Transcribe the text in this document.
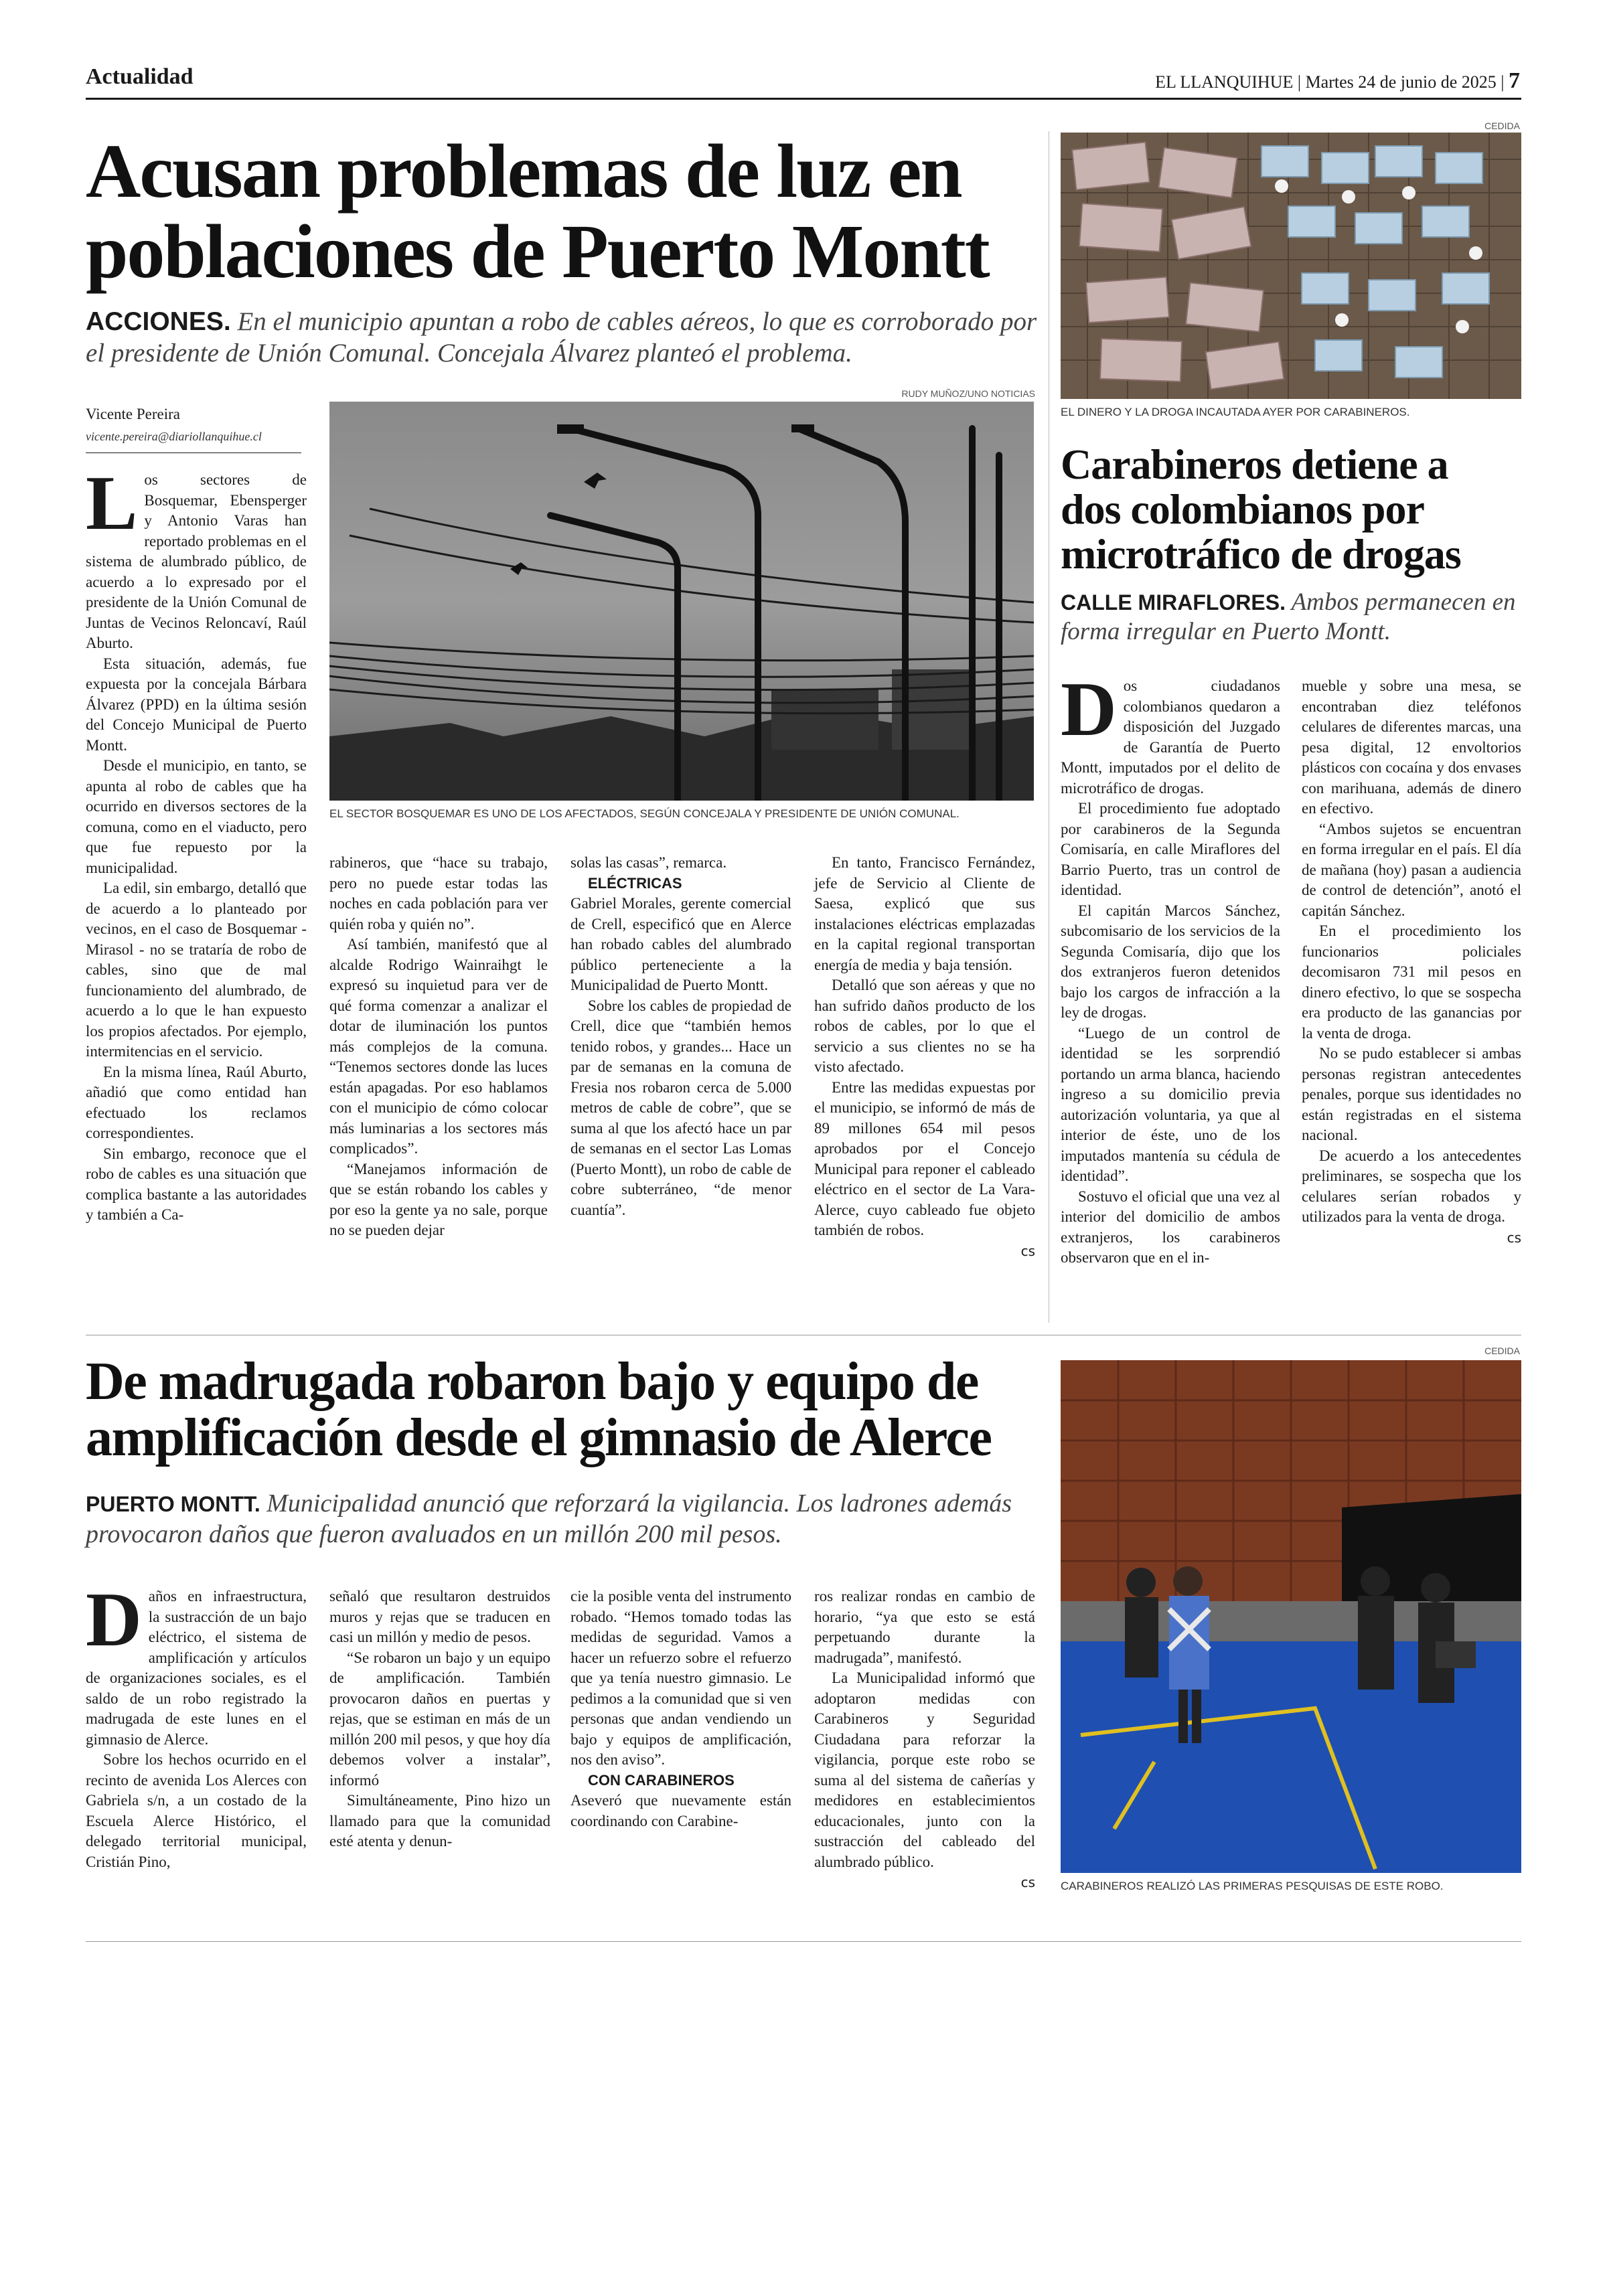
Actualidad	EL LLANQUIHUE | Martes 24 de junio de 2025 | 7
Acusan problemas de luz en
poblaciones de Puerto Montt
ACCIONES. En el municipio apuntan a robo de cables aéreos, lo que es corroborado por el presidente de Unión Comunal. Concejala Álvarez planteó el problema.
Vicente Pereira
vicente.pereira@diariollanquihue.cl
RUDY MUÑOZ/UNO NOTICIAS
EL SECTOR BOSQUEMAR ES UNO DE LOS AFECTADOS, SEGÚN CONCEJALA Y PRESIDENTE DE UNIÓN COMUNAL.
L os sectores de Bosquemar, Ebensperger y Antonio Varas han reportado problemas en el sistema de alumbrado público, de acuerdo a lo expresado por el presidente de la Unión Comunal de Juntas de Vecinos Reloncaví, Raúl Aburto.

Esta situación, además, fue expuesta por la concejala Bárbara Álvarez (PPD) en la última sesión del Concejo Municipal de Puerto Montt.

Desde el municipio, en tanto, se apunta al robo de cables que ha ocurrido en diversos sectores de la comuna, como en el viaducto, pero que fue repuesto por la municipalidad.

La edil, sin embargo, detalló que de acuerdo a lo planteado por vecinos, en el caso de Bosquemar - Mirasol - no se trataría de robo de cables, sino que de mal funcionamiento del alumbrado, de acuerdo a lo que le han expuesto los propios afectados. Por ejemplo, intermitencias en el servicio.

En la misma línea, Raúl Aburto, añadió que como entidad han efectuado los reclamos correspondientes.

Sin embargo, reconoce que el robo de cables es una situación que complica bastante a las autoridades y también a Ca-

rabineros, que “hace su trabajo, pero no puede estar todas las noches en cada población para ver quién roba y quién no”.

Así también, manifestó que al alcalde Rodrigo Wainraihgt le expresó su inquietud para ver de qué forma comenzar a analizar el dotar de iluminación los puntos más complejos de la comuna. “Tenemos sectores donde las luces están apagadas. Por eso hablamos con el municipio de cómo colocar más luminarias a los sectores más complicados”.

“Manejamos información de que se están robando los cables y por eso la gente ya no sale, porque no se pueden dejar

solas las casas”, remarca.

ELÉCTRICAS

Gabriel Morales, gerente comercial de Crell, especificó que en Alerce han robado cables del alumbrado público perteneciente a la Municipalidad de Puerto Montt.

Sobre los cables de propiedad de Crell, dice que “también hemos tenido robos, y grandes... Hace un par de semanas en la comuna de Fresia nos robaron cerca de 5.000 metros de cable de cobre”, que se suma al que los afectó hace un par de semanas en el sector Las Lomas (Puerto Montt), un robo de cable de cobre subterráneo, “de menor cuantía”.

En tanto, Francisco Fernández, jefe de Servicio al Cliente de Saesa, explicó que sus instalaciones eléctricas emplazadas en la capital regional transportan energía de media y baja tensión.

Detalló que son aéreas y que no han sufrido daños producto de los robos de cables, por lo que el servicio a sus clientes no se ha visto afectado.

Entre las medidas expuestas por el municipio, se informó de más de 89 millones 654 mil pesos aprobados por el Concejo Municipal para reponer el cableado eléctrico en el sector de La Vara-Alerce, cuyo cableado fue objeto también de robos.

cs
CEDIDA
EL DINERO Y LA DROGA INCAUTADA AYER POR CARABINEROS.
Carabineros detiene a
dos colombianos por
microtráfico de drogas
CALLE MIRAFLORES. Ambos permanecen en forma irregular en Puerto Montt.
D os ciudadanos colombianos quedaron a disposición del Juzgado de Garantía de Puerto Montt, imputados por el delito de microtráfico de drogas.

El procedimiento fue adoptado por carabineros de la Segunda Comisaría, en calle Miraflores del Barrio Puerto, tras un control de identidad.

El capitán Marcos Sánchez, subcomisario de los servicios de la Segunda Comisaría, dijo que los dos extranjeros fueron detenidos bajo los cargos de infracción a la ley de drogas.

“Luego de un control de identidad se les sorprendió portando un arma blanca, haciendo ingreso a su domicilio previa autorización voluntaria, ya que al interior de éste, uno de los imputados mantenía su cédula de identidad”.

Sostuvo el oficial que una vez al interior del domicilio de ambos extranjeros, los carabineros observaron que en el in-

mueble y sobre una mesa, se encontraban diez teléfonos celulares de diferentes marcas, una pesa digital, 12 envoltorios plásticos con cocaína y dos envases con marihuana, además de dinero en efectivo.

“Ambos sujetos se encuentran en forma irregular en el país. El día de mañana (hoy) pasan a audiencia de control de detención”, anotó el capitán Sánchez.

En el procedimiento los funcionarios policiales decomisaron 731 mil pesos en dinero efectivo, lo que se sospecha era producto de las ganancias por la venta de droga.

No se pudo establecer si ambas personas registran antecedentes penales, porque sus identidades no están registradas en el sistema nacional.

De acuerdo a los antecedentes preliminares, se sospecha que los celulares serían robados y utilizados para la venta de droga.

cs
De madrugada robaron bajo y equipo de
amplificación desde el gimnasio de Alerce
PUERTO MONTT. Municipalidad anunció que reforzará la vigilancia. Los ladrones además provocaron daños que fueron avaluados en un millón 200 mil pesos.
CEDIDA
CARABINEROS REALIZÓ LAS PRIMERAS PESQUISAS DE ESTE ROBO.
D años en infraestructura, la sustracción de un bajo eléctrico, el sistema de amplificación y artículos de organizaciones sociales, es el saldo de un robo registrado la madrugada de este lunes en el gimnasio de Alerce.

Sobre los hechos ocurrido en el recinto de avenida Los Alerces con Gabriela s/n, a un costado de la Escuela Alerce Histórico, el delegado territorial municipal, Cristián Pino,

señaló que resultaron destruidos muros y rejas que se traducen en casi un millón y medio de pesos.

“Se robaron un bajo y un equipo de amplificación. También provocaron daños en puertas y rejas, que se estiman en más de un millón 200 mil pesos, y que hoy día debemos volver a instalar”, informó

Simultáneamente, Pino hizo un llamado para que la comunidad esté atenta y denun-

cie la posible venta del instrumento robado. “Hemos tomado todas las medidas de seguridad. Vamos a hacer un refuerzo sobre el refuerzo que ya tenía nuestro gimnasio. Le pedimos a la comunidad que si ven personas que andan vendiendo un bajo y equipos de amplificación, nos den aviso”.

CON CARABINEROS

Aseveró que nuevamente están coordinando con Carabine-

ros realizar rondas en cambio de horario, “ya que esto se está perpetuando durante la madrugada”, manifestó.

La Municipalidad informó que adoptaron medidas con Carabineros y Seguridad Ciudadana para reforzar la vigilancia, porque este robo se suma al del sistema de cañerías y medidores en establecimientos educacionales, junto con la sustracción del cableado del alumbrado público.

cs
